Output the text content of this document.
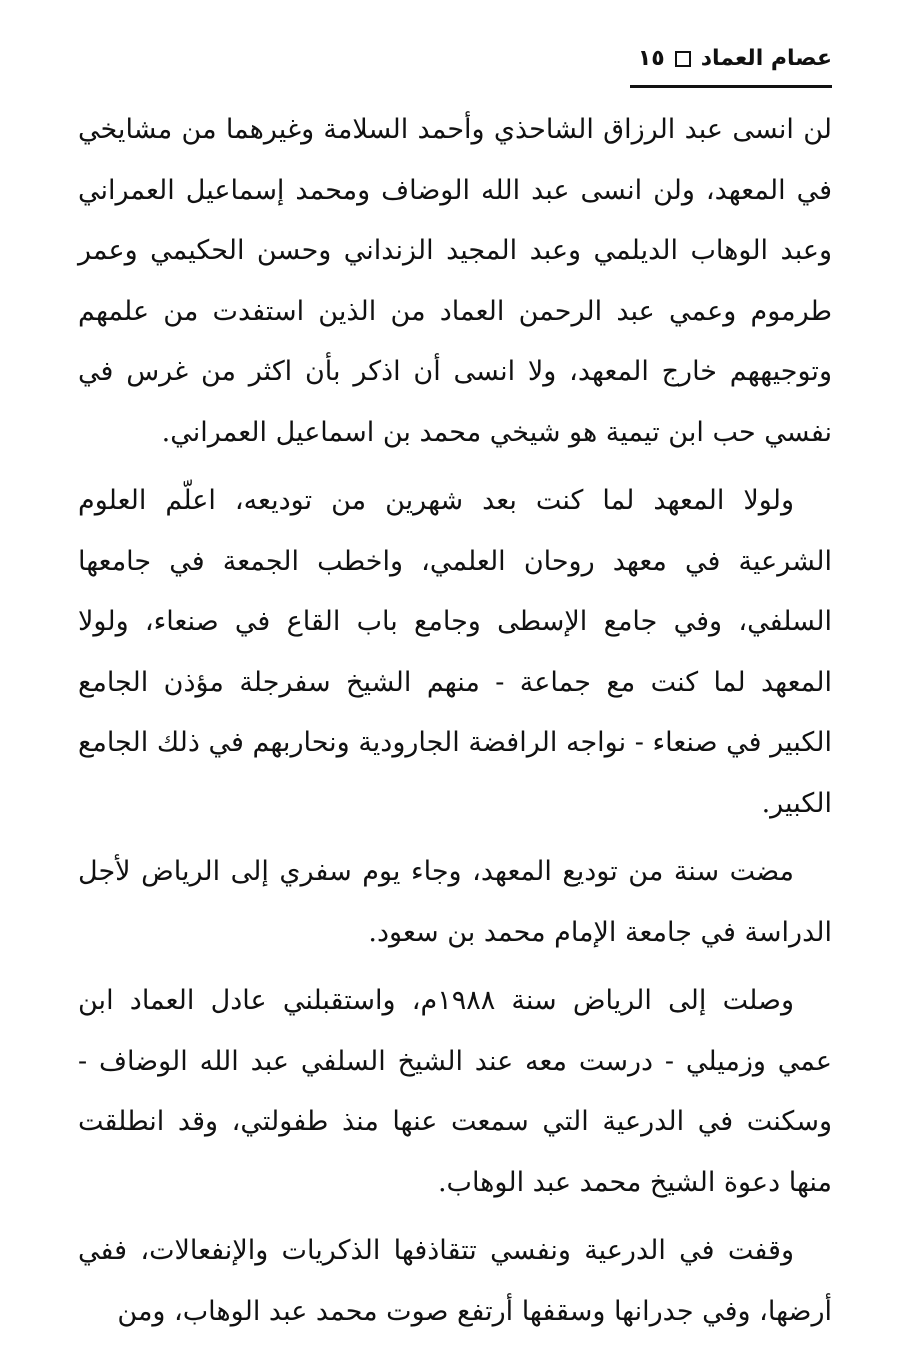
عصام العماد
١٥

لن انسى عبد الرزاق الشاحذي وأحمد السلامة وغيرهما من مشايخي في المعهد، ولن انسى عبد الله الوضاف ومحمد إسماعيل العمراني وعبد الوهاب الديلمي وعبد المجيد الزنداني وحسن الحكيمي وعمر طرموم وعمي عبد الرحمن العماد من الذين استفدت من علمهم وتوجيههم خارج المعهد، ولا انسى أن اذكر بأن اكثر من غرس في نفسي حب ابن تيمية هو شيخي محمد بن اسماعيل العمراني.

ولولا المعهد لما كنت بعد شهرين من توديعه، اعلّم العلوم الشرعية في معهد روحان العلمي، واخطب الجمعة في جامعها السلفي، وفي جامع الإسطى وجامع باب القاع في صنعاء، ولولا المعهد لما كنت مع جماعة - منهم الشيخ سفرجلة مؤذن الجامع الكبير في صنعاء - نواجه الرافضة الجارودية ونحاربهم في ذلك الجامع الكبير.

مضت سنة من توديع المعهد، وجاء يوم سفري إلى الرياض لأجل الدراسة في جامعة الإمام محمد بن سعود.

وصلت إلى الرياض سنة ١٩٨٨م، واستقبلني عادل العماد ابن عمي وزميلي - درست معه عند الشيخ السلفي عبد الله الوضاف - وسكنت في الدرعية التي سمعت عنها منذ طفولتي، وقد انطلقت منها دعوة الشيخ محمد عبد الوهاب.

وقفت في الدرعية ونفسي تتقاذفها الذكريات والإنفعالات، ففي أرضها، وفي جدرانها وسقفها أرتفع صوت محمد عبد الوهاب، ومن
